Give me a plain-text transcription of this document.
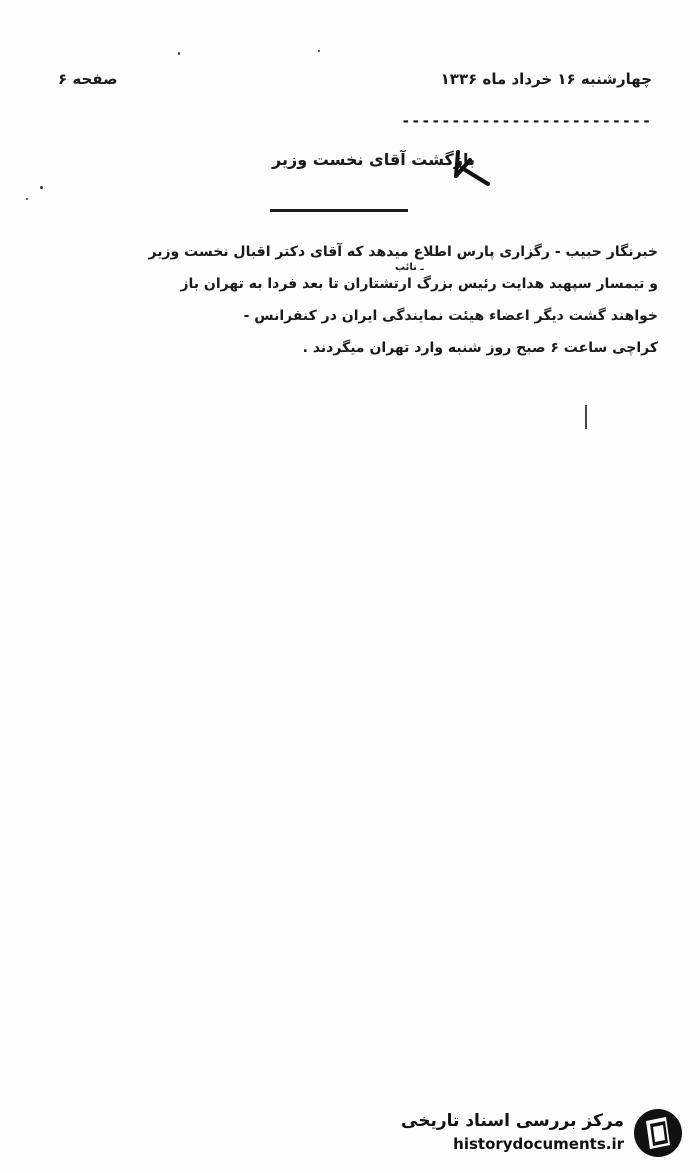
چهارشنبه ۱۶ خرداد ماه ۱۳۳۶
صفحه ۶
-------------------------
بازگشت آقای نخست وزیر
ـ نائب
خبرنگار حبیب - رگزاری پارس اطلاع میدهد که آقای دکتر اقبال نخست وزیر
و تیمسار سپهبد هدایت رئیس بزرگ ارتشتاران تا بعد فردا به تهران باز
خواهند گشت دیگر اعضاء هیئت نمایندگی ایران در کنفرانس -
کراچی ساعت ۶ صبح روز شنبه وارد تهران میگردند .
مرکز بررسی اسناد تاریخی
historydocuments.ir
